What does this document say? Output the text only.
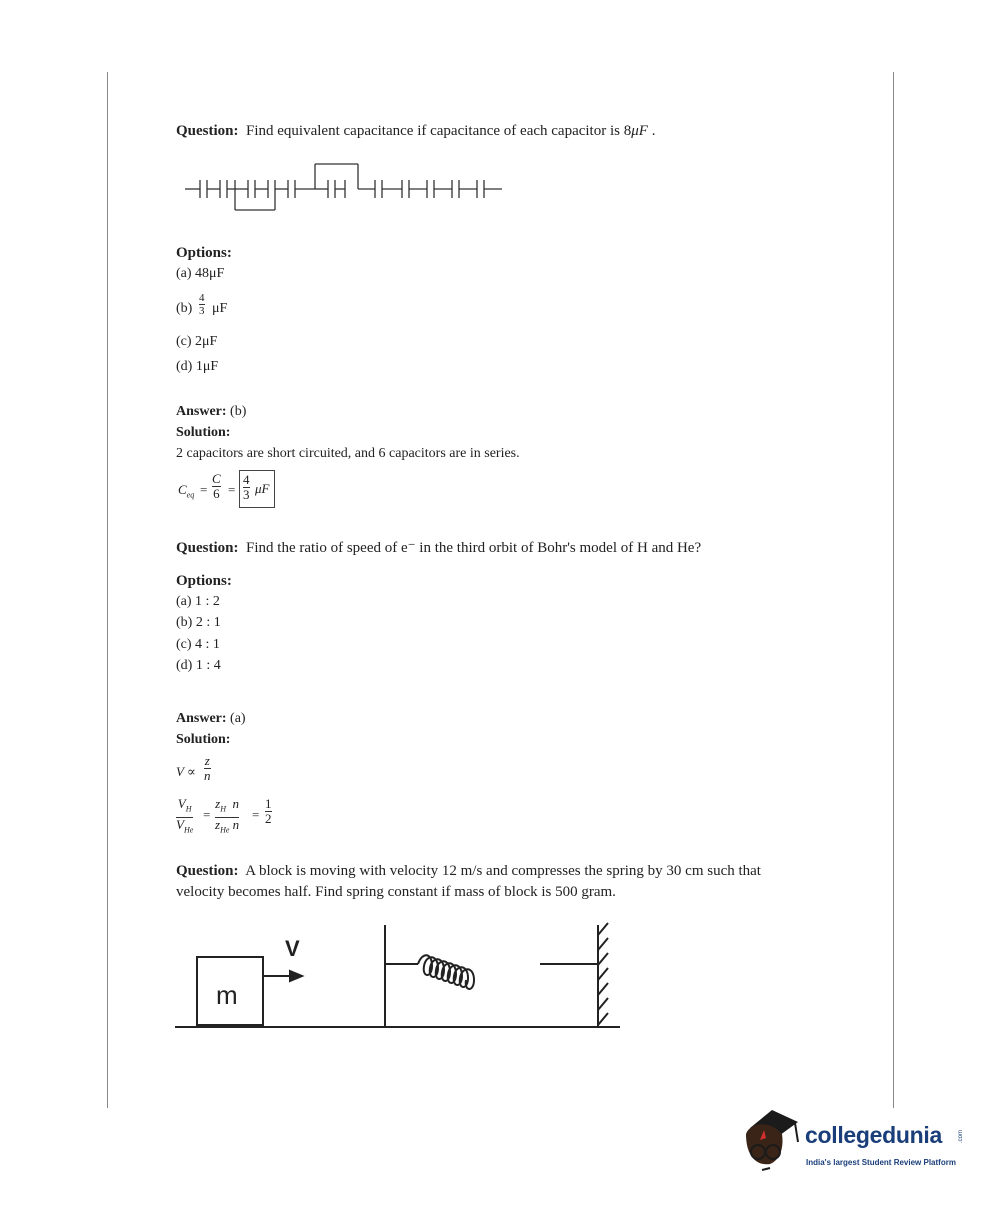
Question: Find equivalent capacitance if capacitance of each capacitor is 8μF .
Options:
(a) 48μF
(b)
4
3 μF
(c) 2μF
(d) 1μF
Answer: (b)
Solution:
2 capacitors are short circuited, and 6 capacitors are in series.
$C_{eq}$ =
C
6 =
4
3 μF
Question: Find the ratio of speed of e⁻ in the third orbit of Bohr's model of H and He?
Options:
(a) 1 : 2
(b) 2 : 1
(c) 4 : 1
(d) 1 : 4
Answer: (a)
Solution:
V ∝
z
n
$V_H$
$V_{He}$
=
$z_H$ n
$z_{He}$ n
=
1
2
Question: A block is moving with velocity 12 m/s and compresses the spring by 30 cm such that
velocity becomes half. Find spring constant if mass of block is 500 gram.
m
V
collegedunia	.com
India's largest Student Review Platform
